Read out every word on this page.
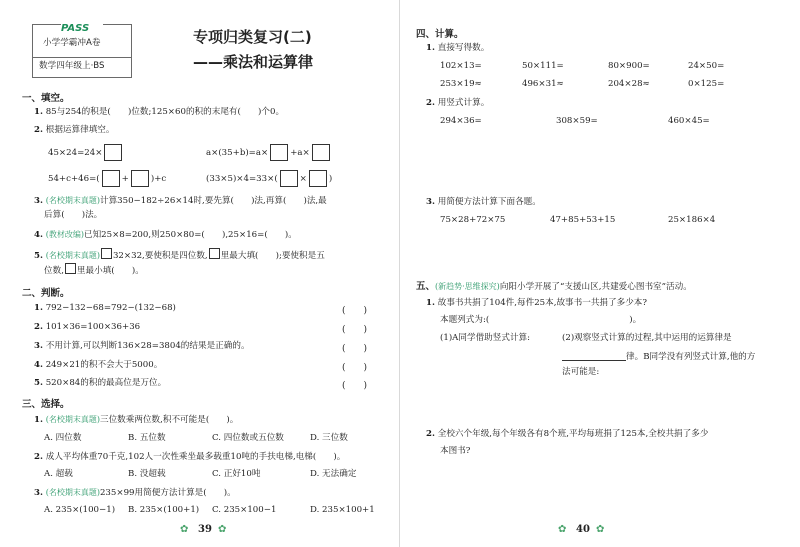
PASS
小学学霸冲A卷
数学四年级上·BS
专项归类复习(二)
——乘法和运算律
一、填空。
1. 85与254的积是(　　)位数;125×60的积的末尾有(　　)个0。
2. 根据运算律填空。
45×24=24×	a×(35+b)=a×	+a×
54+c+46=(	+	)+c	(33×5)×4=33×(	×	)
3. (名校期末真题)计算350−182÷26×14时,要先算(　　)法,再算(　　)法,最
后算(　　)法。
4. (教材改编)已知25×8=200,则250×80=(　　),25×16=(　　)。
5. (名校期末真题) 32×32,要使积是四位数, 里最大填(　　);要使积是五
位数, 里最小填(　　)。
二、判断。
1. 792−132−68=792−(132−68)	(　　)
2. 101×36=100×36+36	(　　)
3. 不用计算,可以判断136×28=3804的结果是正确的。	(　　)
4. 249×21的积不会大于5000。	(　　)
5. 520×84的积的最高位是万位。	(　　)
三、选择。
1. (名校期末真题)三位数乘两位数,积不可能是(　　)。
A. 四位数	B. 五位数	C. 四位数或五位数	D. 三位数
2. 成人平均体重70千克,102人一次性乘坐最多载重10吨的手扶电梯,电梯(　　)。
A. 超载	B. 没超载	C. 正好10吨	D. 无法确定
3. (名校期末真题)235×99用简便方法计算是(　　)。
A. 235×(100−1) B. 235×(100+1) C. 235×100−1	D. 235×100+1
✿ 39 ✿
四、计算。
1. 直接写得数。
102×13=	50×111=	80×900=	24×50=
253×19≈	496×31≈	204×28≈	0×125=
2. 用竖式计算。
294×36=	308×59=	460×45=
3. 用简便方法计算下面各题。
75×28+72×75	47+85+53+15	25×186×4
五、(新趋势·思维探究)向阳小学开展了“支援山区,共建爱心图书室”活动。
1. 故事书共捐了104件,每件25本,故事书一共捐了多少本?
本题列式为:(	)。
(1)A同学借助竖式计算:	(2)观察竖式计算的过程,其中运用的运算律是
律。B同学没有列竖式计算,他的方
法可能是:
2. 全校六个年级,每个年级各有8个班,平均每班捐了125本,全校共捐了多少
本图书?
✿ 40 ✿
